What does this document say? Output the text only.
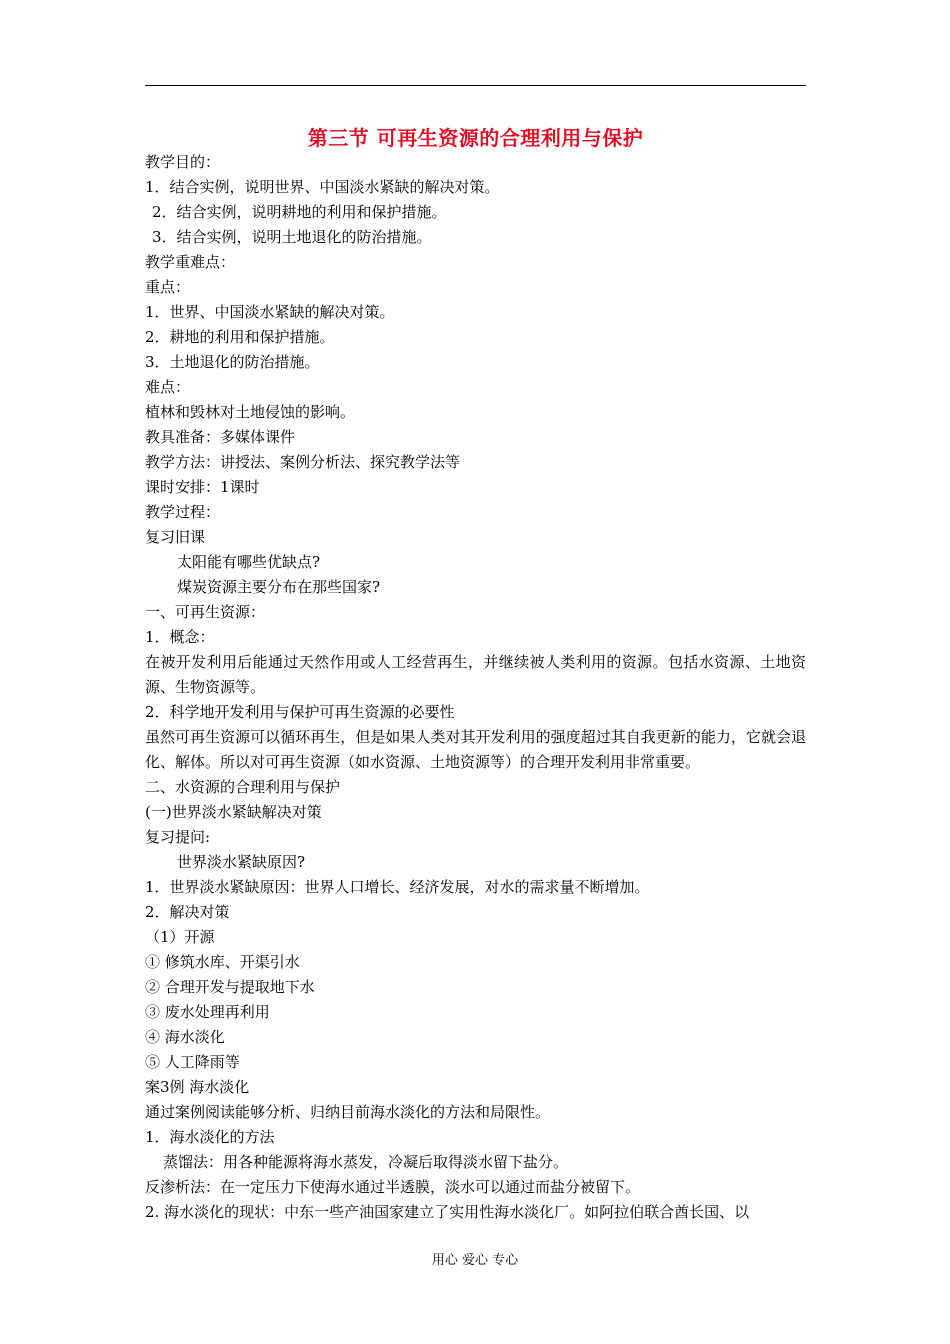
第三节 可再生资源的合理利用与保护

教学目的：

1．结合实例，说明世界、中国淡水紧缺的解决对策。

2．结合实例，说明耕地的利用和保护措施。

3．结合实例，说明土地退化的防治措施。

教学重难点：

重点：

1．世界、中国淡水紧缺的解决对策。

2．耕地的利用和保护措施。

3．土地退化的防治措施。

难点：

植林和毁林对土地侵蚀的影响。

教具准备：多媒体课件

教学方法：讲授法、案例分析法、探究教学法等

课时安排：1课时

教学过程：

复习旧课

太阳能有哪些优缺点?

煤炭资源主要分布在那些国家?

一、可再生资源：

1．概念：

在被开发利用后能通过天然作用或人工经营再生，并继续被人类利用的资源。包括水资源、土地资源、生物资源等。

2．科学地开发利用与保护可再生资源的必要性

虽然可再生资源可以循环再生，但是如果人类对其开发利用的强度超过其自我更新的能力，它就会退化、解体。所以对可再生资源（如水资源、土地资源等）的合理开发利用非常重要。

二、水资源的合理利用与保护

(一)世界淡水紧缺解决对策

复习提问:

世界淡水紧缺原因?

1．世界淡水紧缺原因：世界人口增长、经济发展，对水的需求量不断增加。

2．解决对策

（1）开源

① 修筑水库、开渠引水

② 合理开发与提取地下水

③ 废水处理再利用

④ 海水淡化

⑤ 人工降雨等

案3例 海水淡化

通过案例阅读能够分析、归纳目前海水淡化的方法和局限性。

1．海水淡化的方法

蒸馏法：用各种能源将海水蒸发，冷凝后取得淡水留下盐分。

反渗析法：在一定压力下使海水通过半透膜，淡水可以通过而盐分被留下。

2. 海水淡化的现状：中东一些产油国家建立了实用性海水淡化厂。如阿拉伯联合酋长国、以

用心 爱心 专心
